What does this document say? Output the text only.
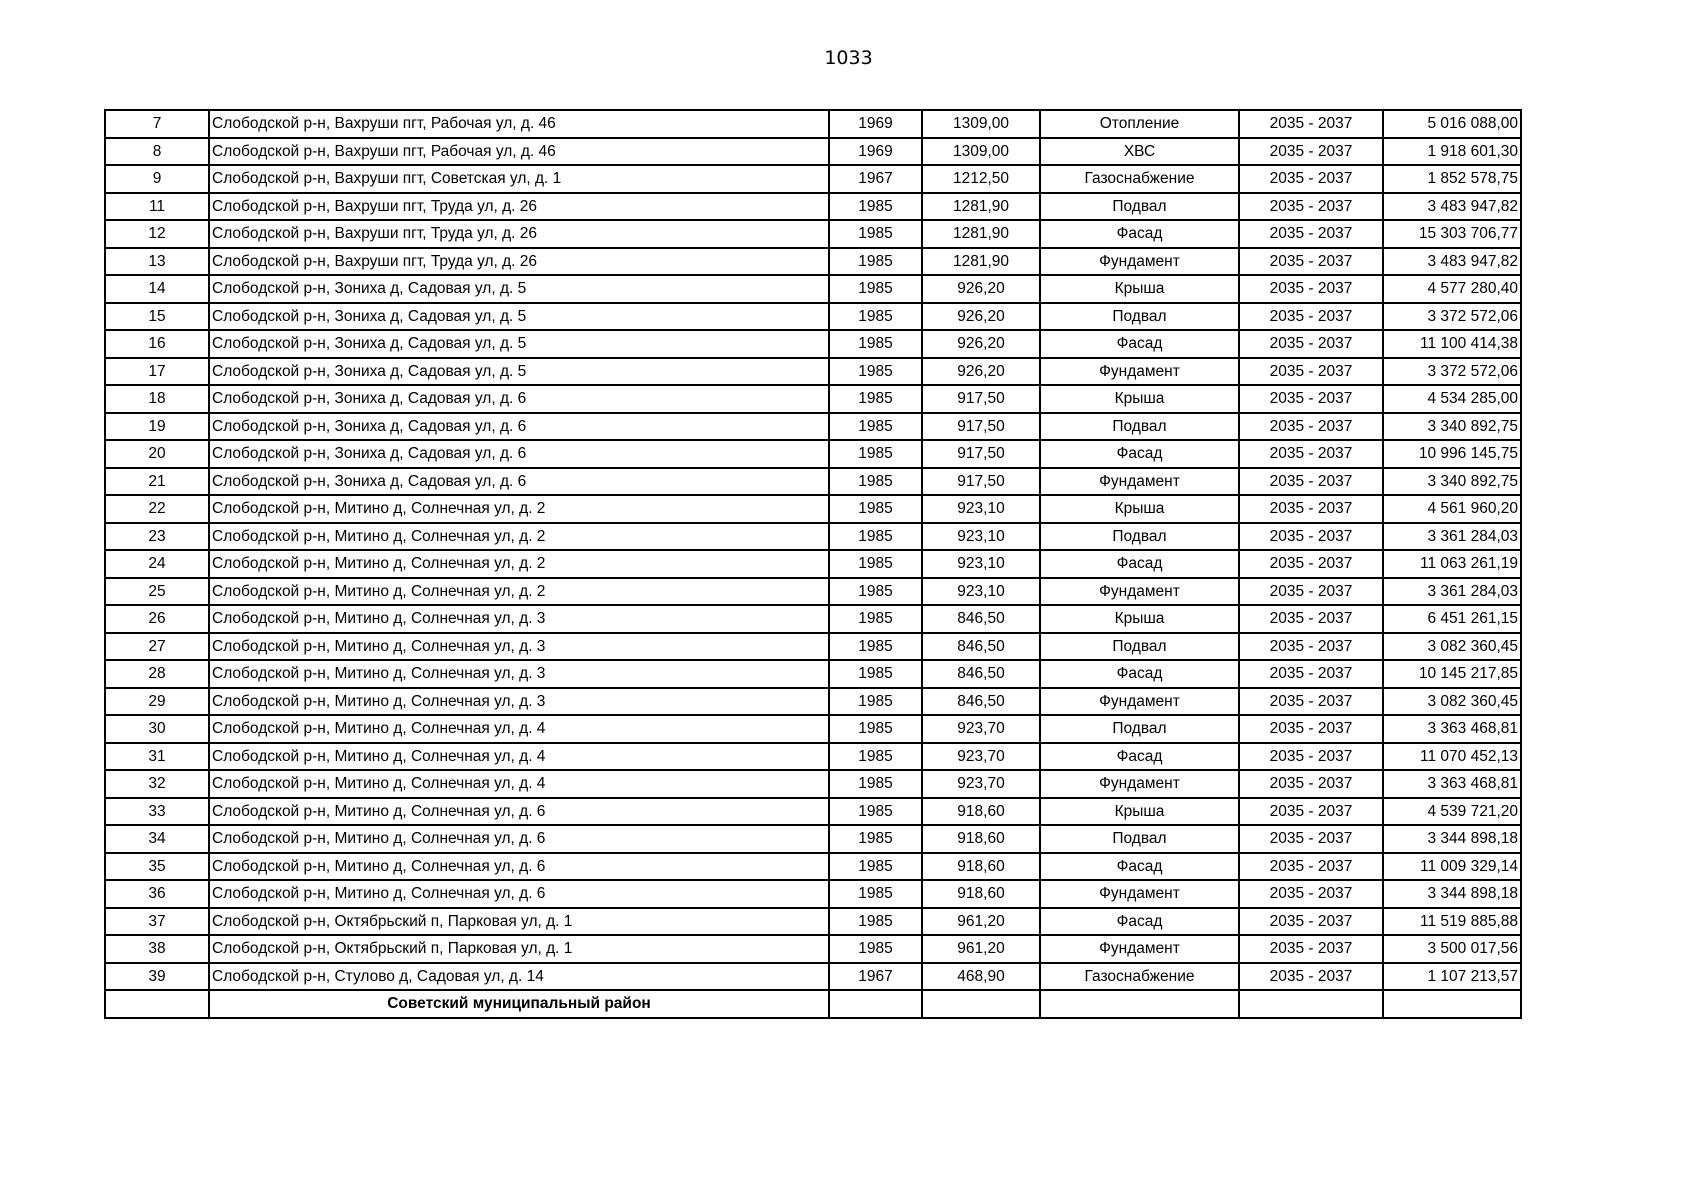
1033
7	Слободской р-н, Вахруши пгт, Рабочая ул, д. 46	1969	1309,00	Отопление	2035 - 2037	5 016 088,00
8	Слободской р-н, Вахруши пгт, Рабочая ул, д. 46	1969	1309,00	ХВС	2035 - 2037	1 918 601,30
9	Слободской р-н, Вахруши пгт, Советская ул, д. 1	1967	1212,50	Газоснабжение	2035 - 2037	1 852 578,75
11	Слободской р-н, Вахруши пгт, Труда ул, д. 26	1985	1281,90	Подвал	2035 - 2037	3 483 947,82
12	Слободской р-н, Вахруши пгт, Труда ул, д. 26	1985	1281,90	Фасад	2035 - 2037	15 303 706,77
13	Слободской р-н, Вахруши пгт, Труда ул, д. 26	1985	1281,90	Фундамент	2035 - 2037	3 483 947,82
14	Слободской р-н, Зониха д, Садовая ул, д. 5	1985	926,20	Крыша	2035 - 2037	4 577 280,40
15	Слободской р-н, Зониха д, Садовая ул, д. 5	1985	926,20	Подвал	2035 - 2037	3 372 572,06
16	Слободской р-н, Зониха д, Садовая ул, д. 5	1985	926,20	Фасад	2035 - 2037	11 100 414,38
17	Слободской р-н, Зониха д, Садовая ул, д. 5	1985	926,20	Фундамент	2035 - 2037	3 372 572,06
18	Слободской р-н, Зониха д, Садовая ул, д. 6	1985	917,50	Крыша	2035 - 2037	4 534 285,00
19	Слободской р-н, Зониха д, Садовая ул, д. 6	1985	917,50	Подвал	2035 - 2037	3 340 892,75
20	Слободской р-н, Зониха д, Садовая ул, д. 6	1985	917,50	Фасад	2035 - 2037	10 996 145,75
21	Слободской р-н, Зониха д, Садовая ул, д. 6	1985	917,50	Фундамент	2035 - 2037	3 340 892,75
22	Слободской р-н, Митино д, Солнечная ул, д. 2	1985	923,10	Крыша	2035 - 2037	4 561 960,20
23	Слободской р-н, Митино д, Солнечная ул, д. 2	1985	923,10	Подвал	2035 - 2037	3 361 284,03
24	Слободской р-н, Митино д, Солнечная ул, д. 2	1985	923,10	Фасад	2035 - 2037	11 063 261,19
25	Слободской р-н, Митино д, Солнечная ул, д. 2	1985	923,10	Фундамент	2035 - 2037	3 361 284,03
26	Слободской р-н, Митино д, Солнечная ул, д. 3	1985	846,50	Крыша	2035 - 2037	6 451 261,15
27	Слободской р-н, Митино д, Солнечная ул, д. 3	1985	846,50	Подвал	2035 - 2037	3 082 360,45
28	Слободской р-н, Митино д, Солнечная ул, д. 3	1985	846,50	Фасад	2035 - 2037	10 145 217,85
29	Слободской р-н, Митино д, Солнечная ул, д. 3	1985	846,50	Фундамент	2035 - 2037	3 082 360,45
30	Слободской р-н, Митино д, Солнечная ул, д. 4	1985	923,70	Подвал	2035 - 2037	3 363 468,81
31	Слободской р-н, Митино д, Солнечная ул, д. 4	1985	923,70	Фасад	2035 - 2037	11 070 452,13
32	Слободской р-н, Митино д, Солнечная ул, д. 4	1985	923,70	Фундамент	2035 - 2037	3 363 468,81
33	Слободской р-н, Митино д, Солнечная ул, д. 6	1985	918,60	Крыша	2035 - 2037	4 539 721,20
34	Слободской р-н, Митино д, Солнечная ул, д. 6	1985	918,60	Подвал	2035 - 2037	3 344 898,18
35	Слободской р-н, Митино д, Солнечная ул, д. 6	1985	918,60	Фасад	2035 - 2037	11 009 329,14
36	Слободской р-н, Митино д, Солнечная ул, д. 6	1985	918,60	Фундамент	2035 - 2037	3 344 898,18
37	Слободской р-н, Октябрьский п, Парковая ул, д. 1	1985	961,20	Фасад	2035 - 2037	11 519 885,88
38	Слободской р-н, Октябрьский п, Парковая ул, д. 1	1985	961,20	Фундамент	2035 - 2037	3 500 017,56
39	Слободской р-н, Стулово д, Садовая ул, д. 14	1967	468,90	Газоснабжение	2035 - 2037	1 107 213,57
	Советский муниципальный район					
